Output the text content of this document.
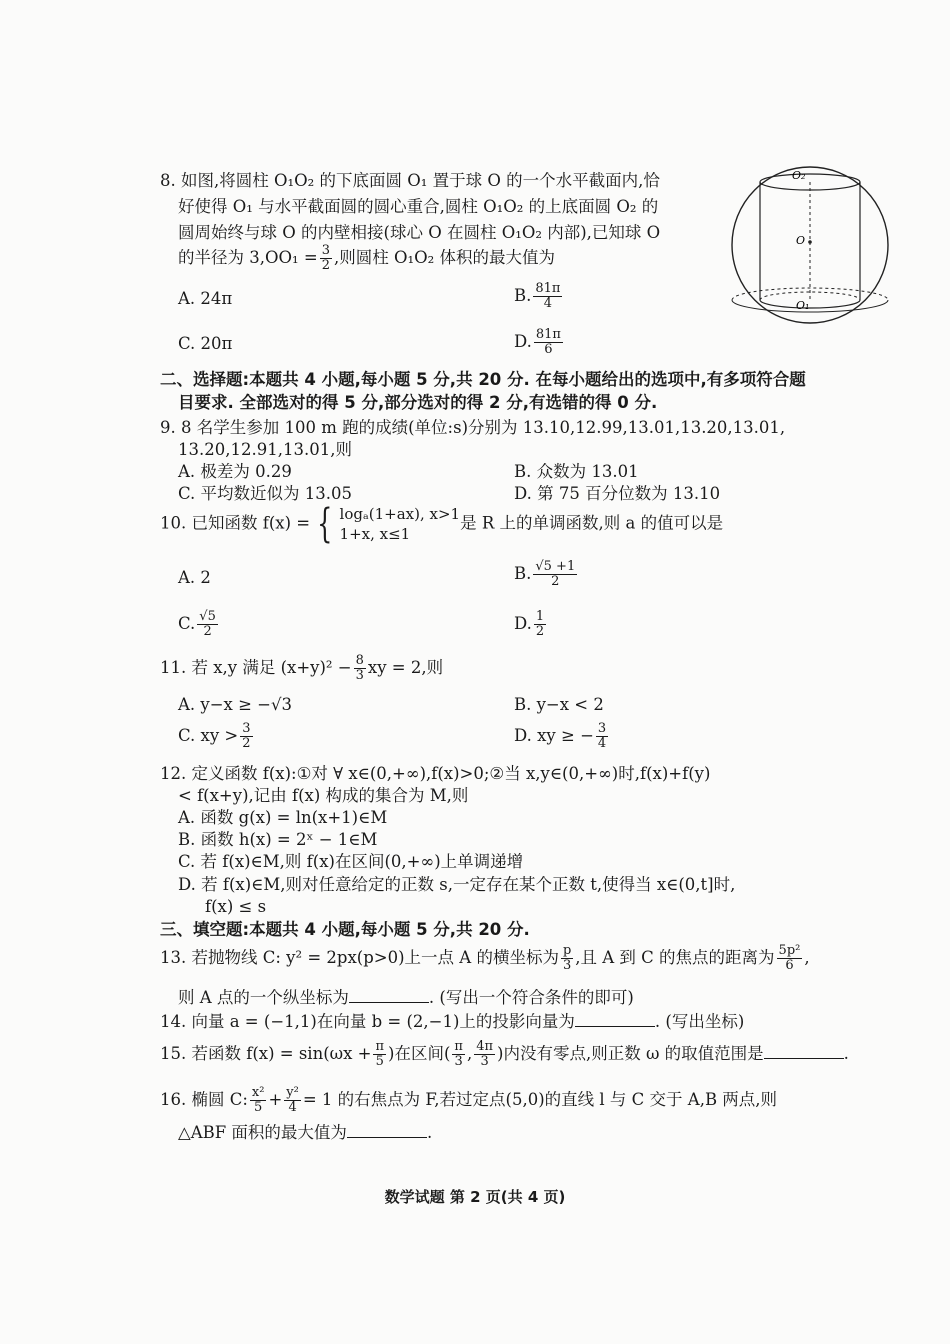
8. 如图,将圆柱 O₁O₂ 的下底面圆 O₁ 置于球 O 的一个水平截面内,恰
好使得 O₁ 与水平截面圆的圆心重合,圆柱 O₁O₂ 的上底面圆 O₂ 的
圆周始终与球 O 的内壁相接(球心 O 在圆柱 O₁O₂ 内部),已知球 O
的半径为 $3,OO_1 = \frac{3}{2}$ ,则圆柱 O₁O₂ 体积的最大值为
O₂
O
O₁
A. 24π	B. $\frac{81\pi}{4}$
C. 20π	D. $\frac{81\pi}{6}$
二、选择题:本题共 4 小题,每小题 5 分,共 20 分. 在每小题给出的选项中,有多项符合题
目要求. 全部选对的得 5 分,部分选对的得 2 分,有选错的得 0 分.
9. 8 名学生参加 100 m 跑的成绩(单位:s)分别为 13.10,12.99,13.01,13.20,13.01,
13.20,12.91,13.01,则
A. 极差为 0.29	B. 众数为 13.01
C. 平均数近似为 13.05	D. 第 75 百分位数为 13.10
10. 已知函数 f(x) = { logₐ(1+ax), x>1
1+x, x≤1
是 R 上的单调函数,则 a 的值可以是
A. 2	B. $\frac{√5 +1}{2}$
C. $\frac{√5}{2}$	D. $\frac{1}{2}$
11. 若 x,y 满足 $(x+y)^2 - \frac{8}{3}$ xy = 2,则
A. y−x ≥ −√3	B. y−x < 2
C. xy > $\frac{3}{2}$	D. xy ≥ − $\frac{3}{4}$
12. 定义函数 f(x):①对 ∀ x∈(0,+∞),f(x)>0;②当 x,y∈(0,+∞)时,f(x)+f(y)
< f(x+y),记由 f(x) 构成的集合为 M,则
A. 函数 g(x) = ln(x+1)∈M
B. 函数 h(x) = 2ˣ − 1∈M
C. 若 f(x)∈M,则 f(x)在区间(0,+∞)上单调递增
D. 若 f(x)∈M,则对任意给定的正数 s,一定存在某个正数 t,使得当 x∈(0,t]时,
f(x) ≤ s
三、填空题:本题共 4 小题,每小题 5 分,共 20 分.
13. 若抛物线 C: y² = 2px(p>0)上一点 A 的横坐标为 $\frac{p}{3}$ ,且 A 到 C 的焦点的距离为 $\frac{\text{5p²}}{6}$ ,
则 A 点的一个纵坐标为	. (写出一个符合条件的即可)
14. 向量 a = (−1,1)在向量 b = (2,−1)上的投影向量为	. (写出坐标)
15. 若函数 $f(x) = \sin(\omega x + \frac{\pi}{5}$ )在区间( $\frac{\pi}{3}$ , $\frac{4\pi}{3}$ )内没有零点,则正数 ω 的取值范围是	.
16. 椭圆 C: $\frac{\text{x²}}{5} + \frac{\text{y²}}{4} = 1$ 的右焦点为 F,若过定点(5,0)的直线 l 与 C 交于 A,B 两点,则
△ABF 面积的最大值为	.
数学试题 第 2 页(共 4 页)
